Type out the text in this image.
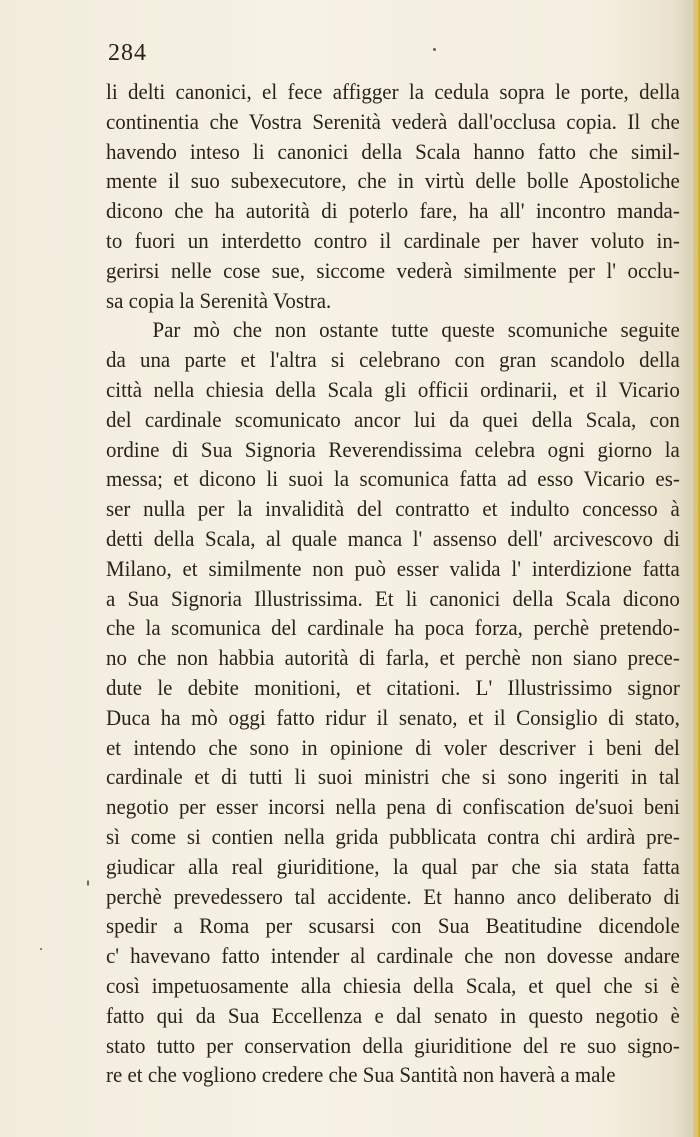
284
li delti canonici, el fece affigger la cedula sopra le porte, della
continentia che Vostra Serenità vederà dall'occlusa copia. Il che
havendo inteso li canonici della Scala hanno fatto che simil-
mente il suo subexecutore, che in virtù delle bolle Apostoliche
dicono che ha autorità di poterlo fare, ha all' incontro manda-
to fuori un interdetto contro il cardinale per haver voluto in-
gerirsi nelle cose sue, siccome vederà similmente per l' occlu-
sa copia la Serenità Vostra.
Par mò che non ostante tutte queste scomuniche seguite
da una parte et l'altra si celebrano con gran scandolo della
città nella chiesia della Scala gli officii ordinarii, et il Vicario
del cardinale scomunicato ancor lui da quei della Scala, con
ordine di Sua Signoria Reverendissima celebra ogni giorno la
messa; et dicono li suoi la scomunica fatta ad esso Vicario es-
ser nulla per la invalidità del contratto et indulto concesso à
detti della Scala, al quale manca l' assenso dell' arcivescovo di
Milano, et similmente non può esser valida l' interdizione fatta
a Sua Signoria Illustrissima. Et li canonici della Scala dicono
che la scomunica del cardinale ha poca forza, perchè pretendo-
no che non habbia autorità di farla, et perchè non siano prece-
dute le debite monitioni, et citationi. L' Illustrissimo signor
Duca ha mò oggi fatto ridur il senato, et il Consiglio di stato,
et intendo che sono in opinione di voler descriver i beni del
cardinale et di tutti li suoi ministri che si sono ingeriti in tal
negotio per esser incorsi nella pena di confiscation de'suoi beni
sì come si contien nella grida pubblicata contra chi ardirà pre-
giudicar alla real giuriditione, la qual par che sia stata fatta
perchè prevedessero tal accidente. Et hanno anco deliberato di
spedir a Roma per scusarsi con Sua Beatitudine dicendole
c' havevano fatto intender al cardinale che non dovesse andare
così impetuosamente alla chiesia della Scala, et quel che si è
fatto qui da Sua Eccellenza e dal senato in questo negotio è
stato tutto per conservation della giuriditione del re suo signo-
re et che vogliono credere che Sua Santità non haverà a male
